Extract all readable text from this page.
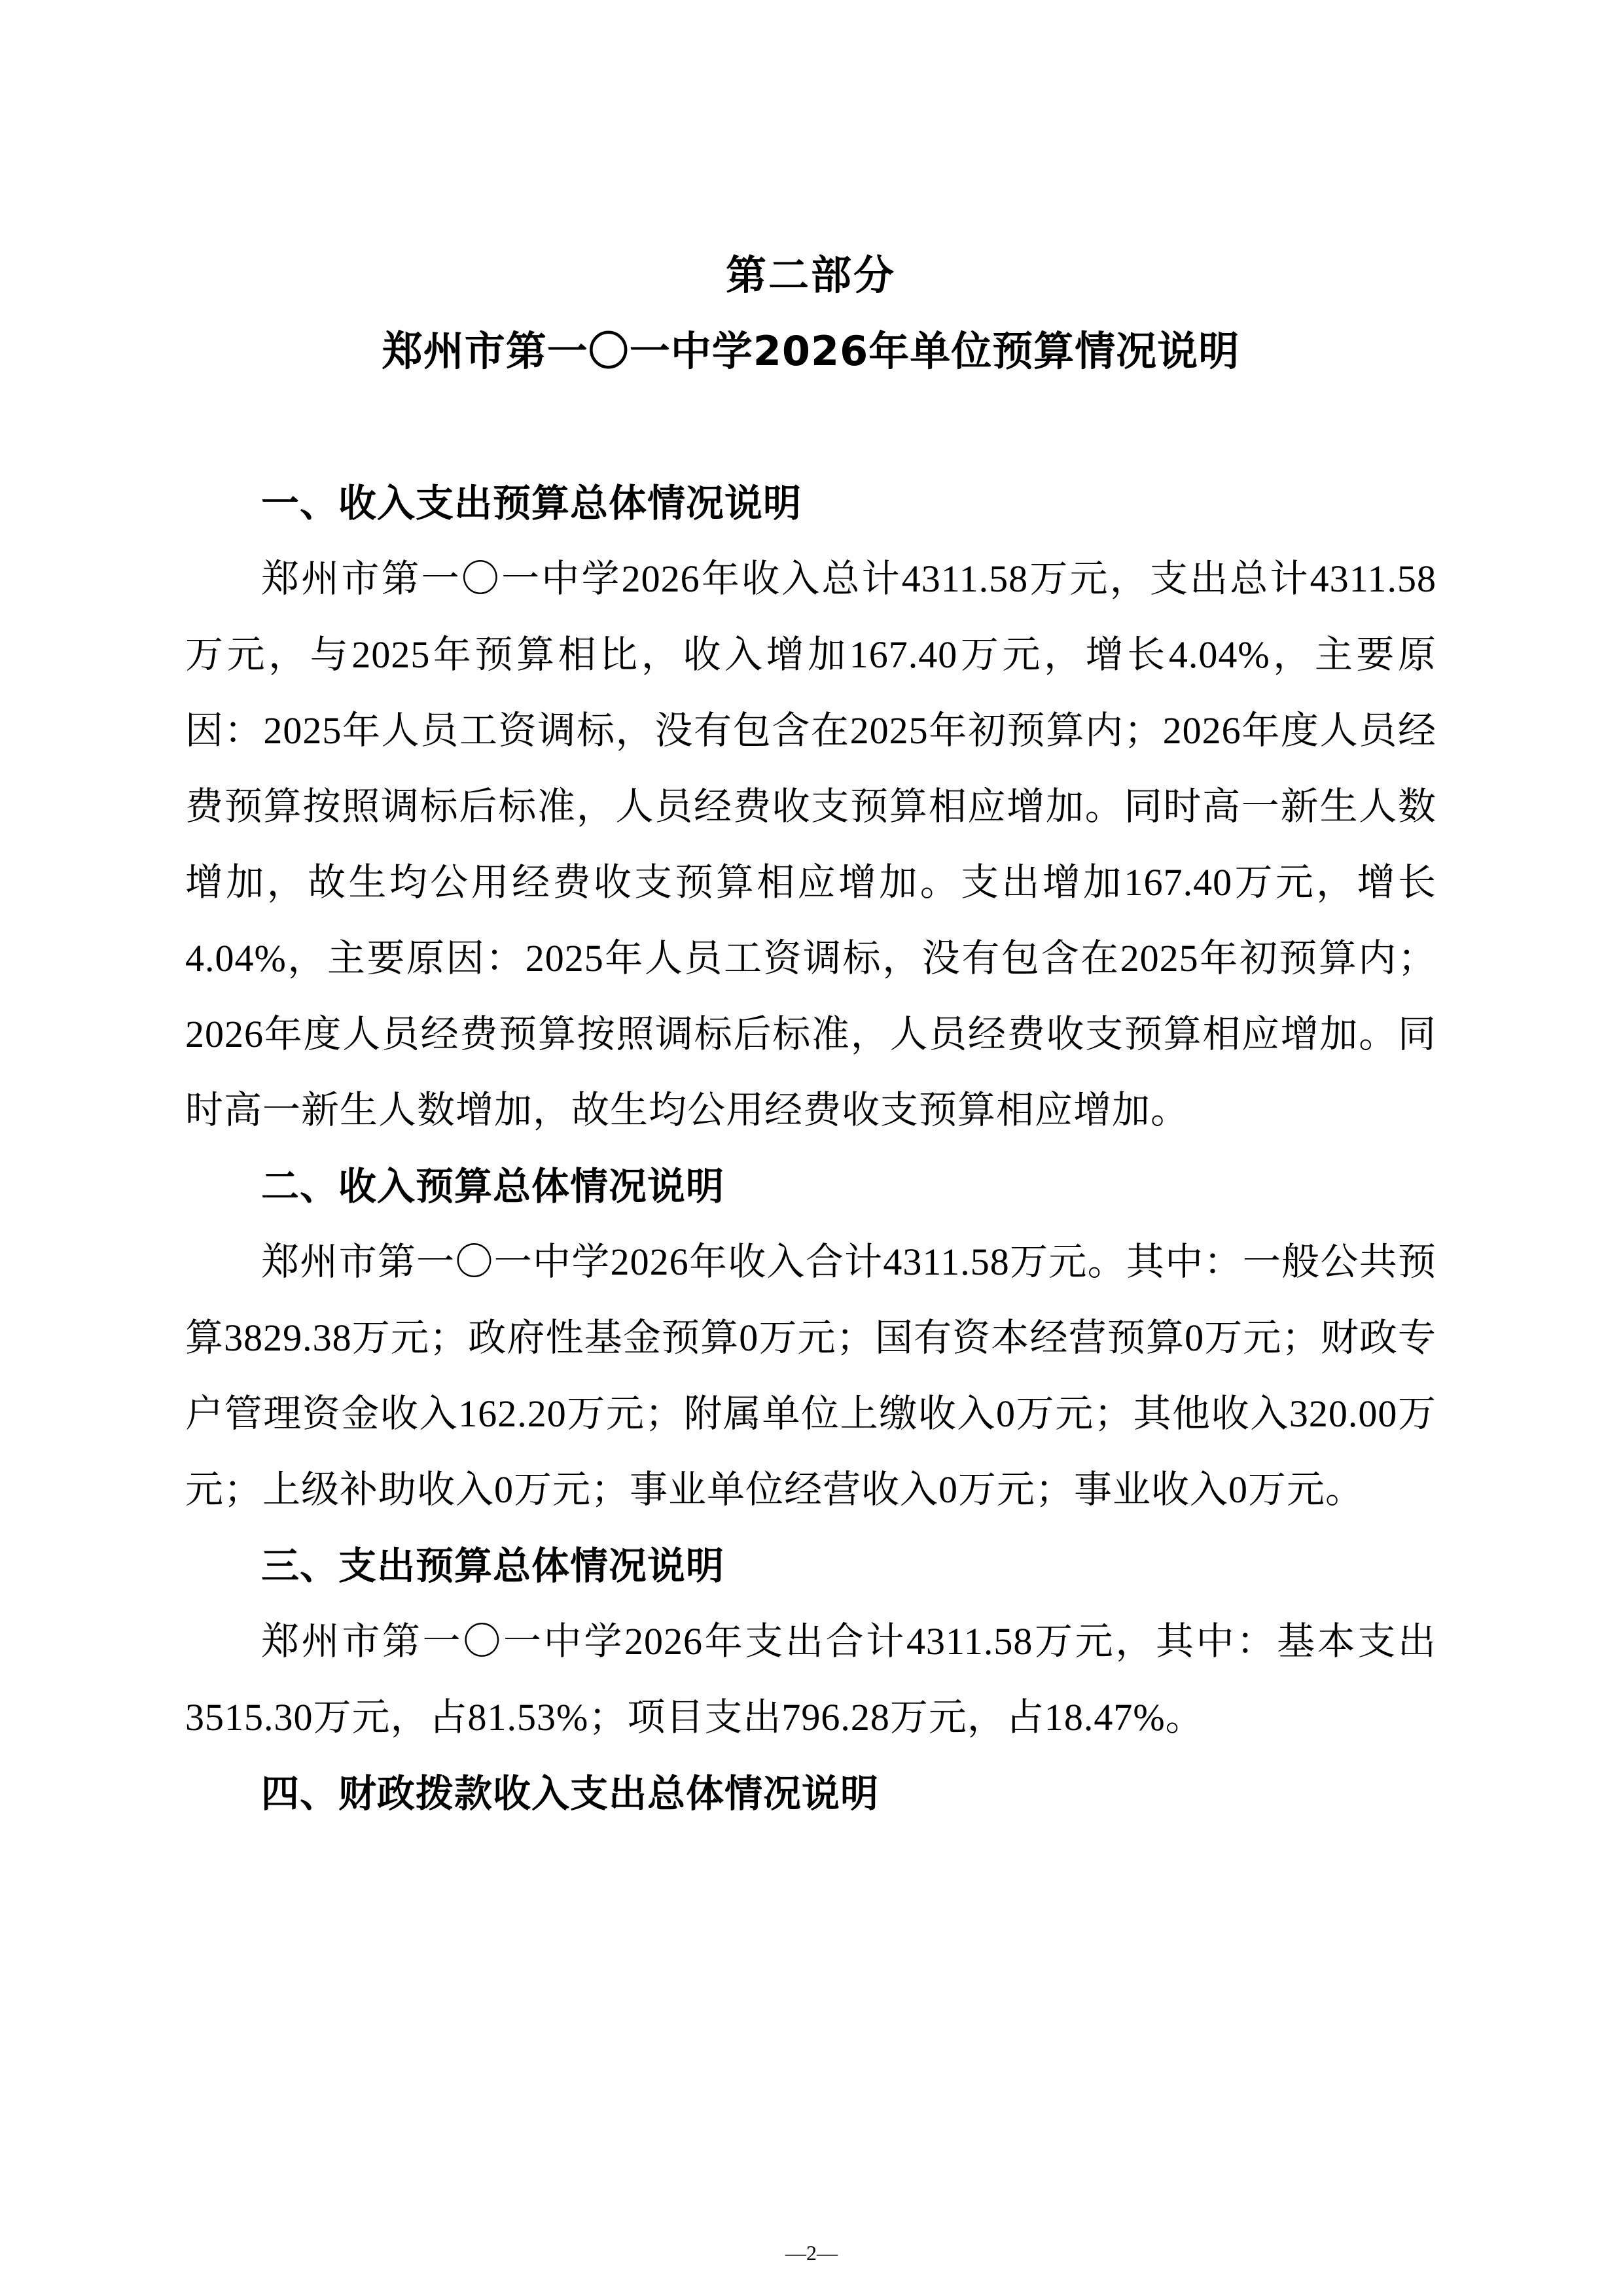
第二部分
郑州市第一〇一中学2026年单位预算情况说明
一、收入支出预算总体情况说明

郑州市第一〇一中学2026年收入总计4311.58万元，支出总计4311.58万元，与2025年预算相比，收入增加167.40万元，增长4.04%，主要原因：2025年人员工资调标，没有包含在2025年初预算内；2026年度人员经费预算按照调标后标准，人员经费收支预算相应增加。同时高一新生人数增加，故生均公用经费收支预算相应增加。支出增加167.40万元，增长4.04%，主要原因：2025年人员工资调标，没有包含在2025年初预算内；2026年度人员经费预算按照调标后标准，人员经费收支预算相应增加。同时高一新生人数增加，故生均公用经费收支预算相应增加。

二、收入预算总体情况说明

郑州市第一〇一中学2026年收入合计4311.58万元。其中：一般公共预算3829.38万元；政府性基金预算0万元；国有资本经营预算0万元；财政专户管理资金收入162.20万元；附属单位上缴收入0万元；其他收入320.00万元；上级补助收入0万元；事业单位经营收入0万元；事业收入0万元。

三、支出预算总体情况说明

郑州市第一〇一中学2026年支出合计4311.58万元，其中：基本支出3515.30万元，占81.53%；项目支出796.28万元，占18.47%。

四、财政拨款收入支出总体情况说明
—2—
